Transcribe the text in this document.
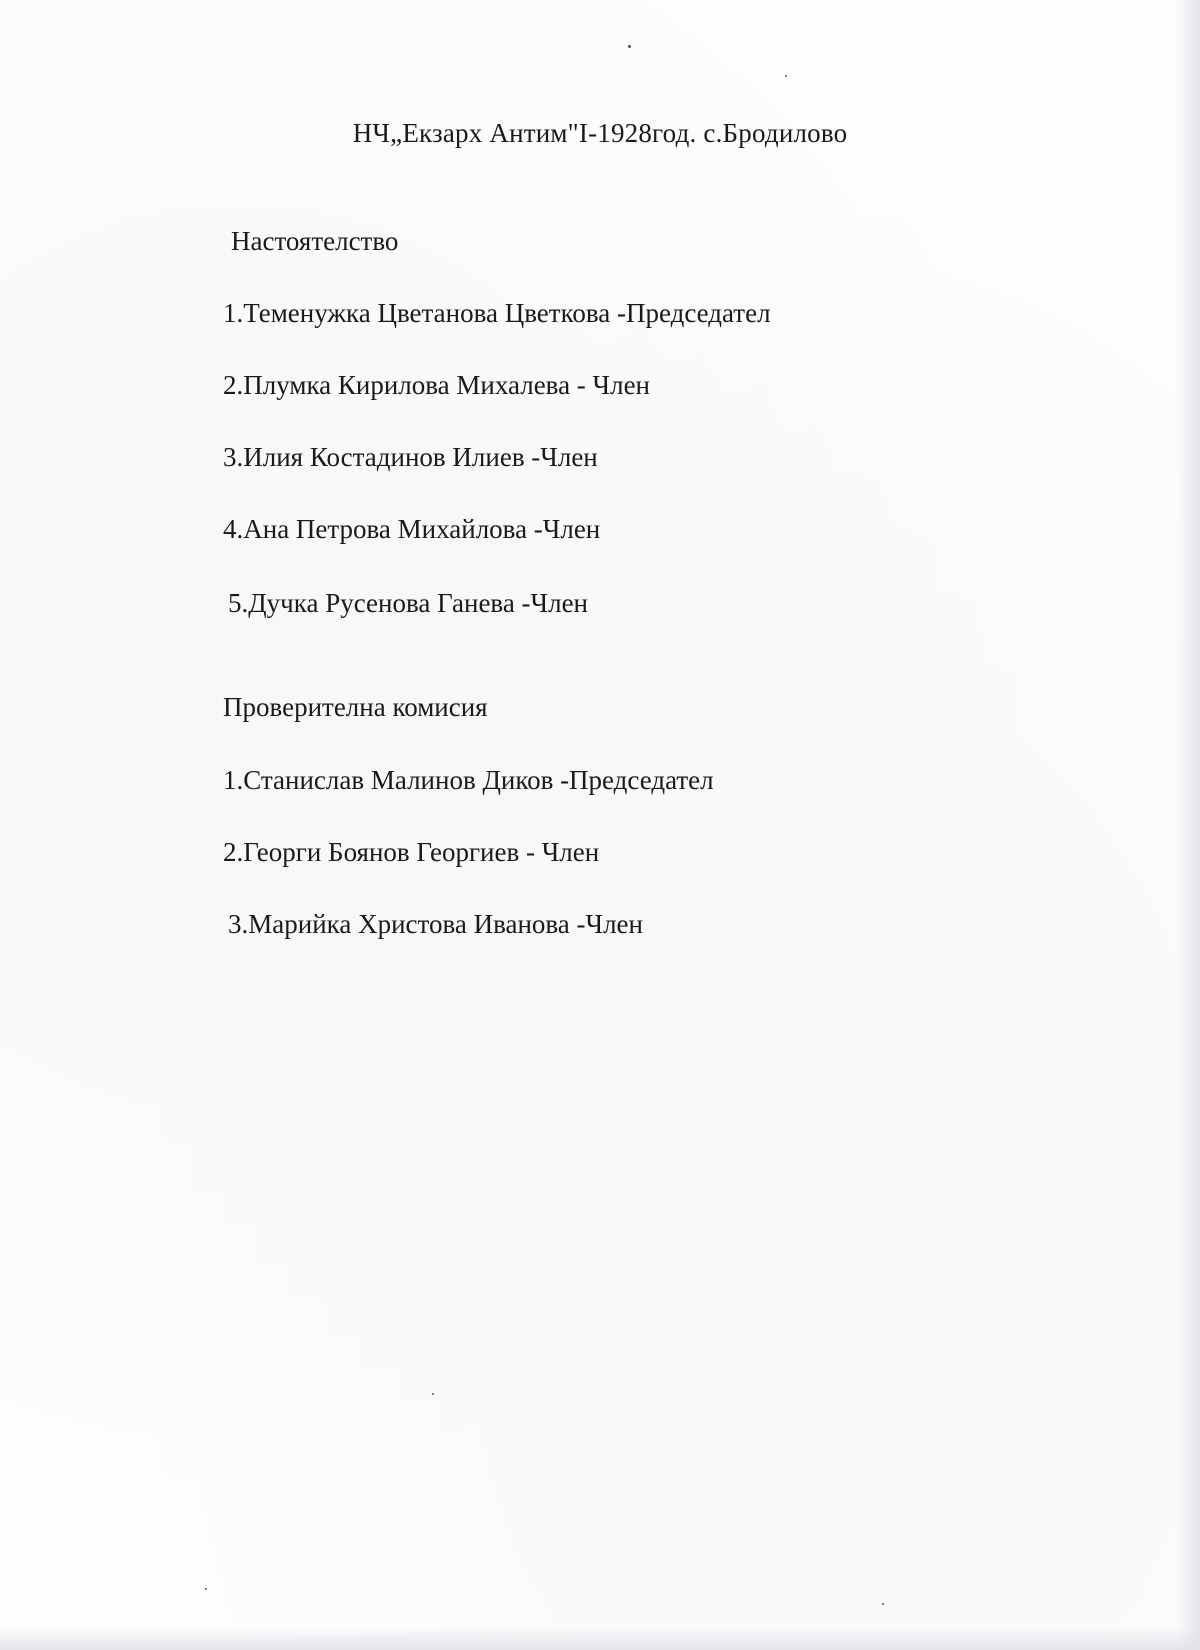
НЧ„Екзарх Антим"І-1928год. с.Бродилово
Настоятелство
1.Теменужка Цветанова Цветкова -Председател
2.Плумка Кирилова Михалева - Член
3.Илия Костадинов Илиев -Член
4.Ана Петрова Михайлова -Член
5.Дучка Русенова Ганева -Член
Проверителна комисия
1.Станислав Малинов Диков -Председател
2.Георги Боянов Георгиев - Член
3.Марийка Христова Иванова -Член
